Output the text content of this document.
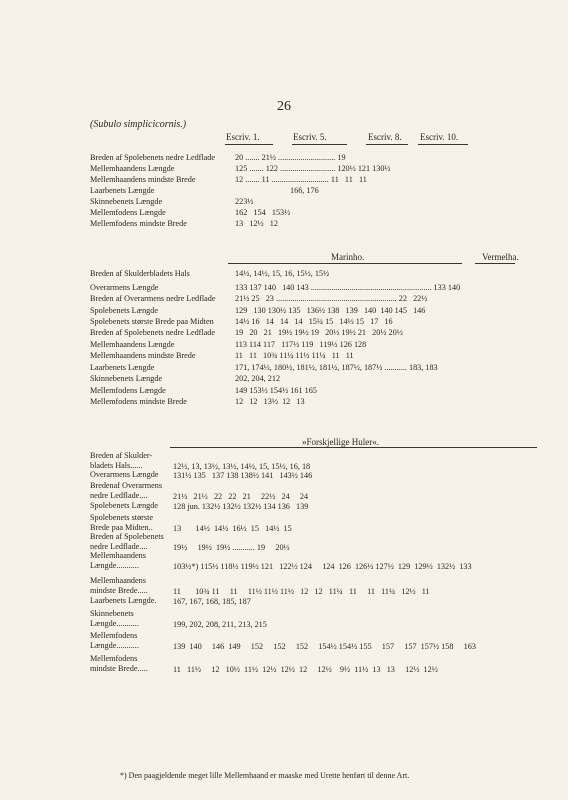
26
(Subulo simplicicornis.)
Escriv. 1.	Escriv. 5.	Escriv. 8. Escriv. 10.
Breden af Spolebenets nedre Ledflade 20 ....... 21½ ............................ 19
Mellemhaandens Længde	125 ....... 122 ........................... 120½ 121 130½
Mellemhaandens mindste Brede	12 ....... 11 ............................ 11   11   11
Laarbenets Længde	166, 176
Skinnebenets Længde	223½
Mellemfodens Længde	162   154   153½
Mellemfodens mindste Brede	13   12½   12
Marinho.	Vermelha.
Breden af Skulderbladets Hals	14½, 14½, 15, 16, 15½, 15½
Overarmens Længde	133 137 140   140 143 ........................................................... 133 140
Breden af Overarmens nedre Ledflade 21½ 25   23 ........................................................... 22   22½
Spolebenets Længde	129   130 130½ 135   136½ 138   139   140  140 145   146
Spolebenets største Brede paa Midten	14½ 16   14   14   14   15¼ 15   14½ 15   17   16
Breden af Spolebenets nedre Ledflade 19   20   21   19½ 19½ 19   20½ 19½ 21   20½ 20½
Mellemhaandens Længde	113 114 117   117½ 119   119½ 126 128
Mellemhaandens mindste Brede	11   11   10¾ 11¼ 11½ 11¼   11   11
Laarbenets Længde	171, 174½, 180½, 181½, 181½, 187½, 187½ ........... 183, 183
Skinnebenets Længde	202, 204, 212
Mellemfodens Længde	149 153½ 154½ 161 165
Mellemfodens mindste Brede	12   12   13½  12   13
»Forskjellige Huler«.
Breden af Skulder-
bladets Hals......	12½, 13, 13½, 13½, 14½, 15, 15½, 16, 18
Overarmens Længde 131½ 135   137 138 138½ 141   143½ 146
Bredenaf Overarmens
nedre Ledflade....	21½   21½   22   22   21     22½   24     24
Spolebenets Længde 128 jun. 132½ 132½ 132½ 134 136   139
Spolebenets største
Brede paa Midten.. 13       14½  14½  16½  15   14½  15
Breden af Spolebenets
nedre Ledflade....	19½     19½  19½ ........... 19     20½
Mellemhaandens
Længde...........	103½*) 115½ 118½ 119½ 121   122½ 124     124  126  126½ 127½  129  129½  132½  133
Mellemhaandens
mindste Brede.....	11       10¾ 11     11     11½ 11½ 11½   12   12   11¼   11     11   11¼   12½   11
Laarbenets Længde. 167, 167, 168, 185, 187
Skinnebenets
Længde...........	199, 202, 208, 211, 213, 215
Mellemfodens
Længde...........	139  140     146  149     152     152     152     154½ 154½ 155     157     157  157½ 158     163
Mellemfodens
mindste Brede.....	11   11½     12   10½  11½  12½  12½  12     12½    9½  11½  13   13     12½  12½
*) Den paagjeldende meget lille Mellemhaand er maaske med Urette henført til denne Art.
